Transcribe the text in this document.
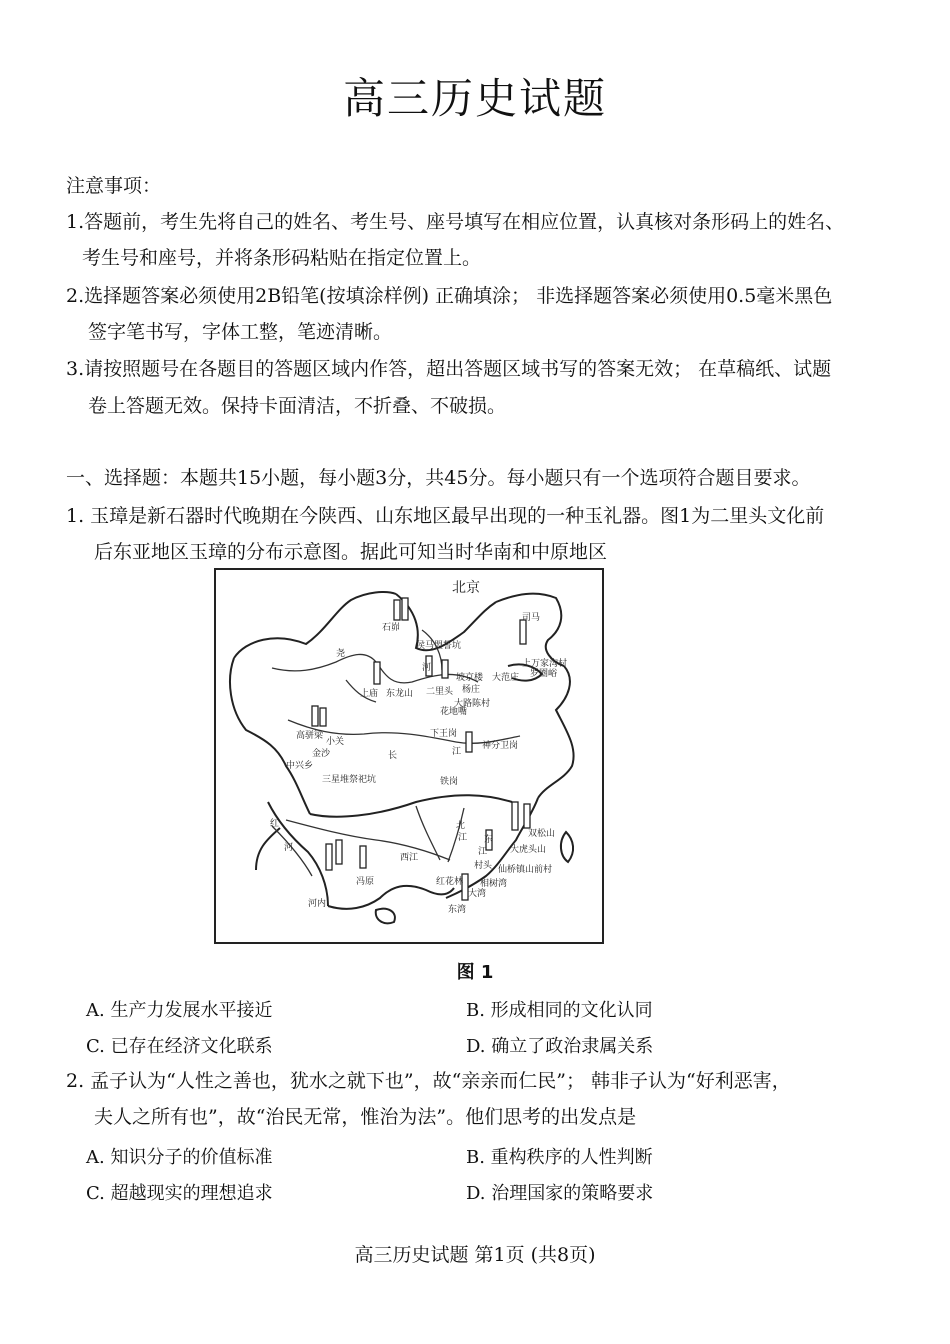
高三历史试题
注意事项：
1.答题前，考生先将自己的姓名、考生号、座号填写在相应位置，认真核对条形码上的姓名、
考生号和座号，并将条形码粘贴在指定位置上。
2.选择题答案必须使用2B铅笔(按填涂样例) 正确填涂； 非选择题答案必须使用0.5毫米黑色
签字笔书写，字体工整，笔迹清晰。
3.请按照题号在各题目的答题区域内作答，超出答题区域书写的答案无效； 在草稿纸、试题
卷上答题无效。保持卡面清洁，不折叠、不破损。
一、选择题：本题共15小题，每小题3分，共45分。每小题只有一个选项符合题目要求。
1. 玉璋是新石器时代晚期在今陕西、山东地区最早出现的一种玉礼器。图1为二里头文化前
后东亚地区玉璋的分布示意图。据此可知当时华南和中原地区
北京
石峁
尧
侯马盟誓坑
河
上庙 东龙山 二里头
坡京楼 大范庄
杨庄
大路陈村
花地嘴
下王岗
神分卫岗
司马
上万家沟村
罗圈峪
高骈梁
小关
金沙
中兴乡
长	江
三星堆祭祀坑	铁岗
红
河
河内
冯原
西江
北
东
江
江
双松山
大虎头山
仙桥镇山前村
村头
相树湾
大湾
红花林
东湾
图 1
A. 生产力发展水平接近	B. 形成相同的文化认同
C. 已存在经济文化联系	D. 确立了政治隶属关系
2. 孟子认为“人性之善也，犹水之就下也”，故“亲亲而仁民”； 韩非子认为“好利恶害，
夫人之所有也”，故“治民无常，惟治为法”。他们思考的出发点是
A. 知识分子的价值标准	B. 重构秩序的人性判断
C. 超越现实的理想追求	D. 治理国家的策略要求
高三历史试题 第1页 (共8页)
